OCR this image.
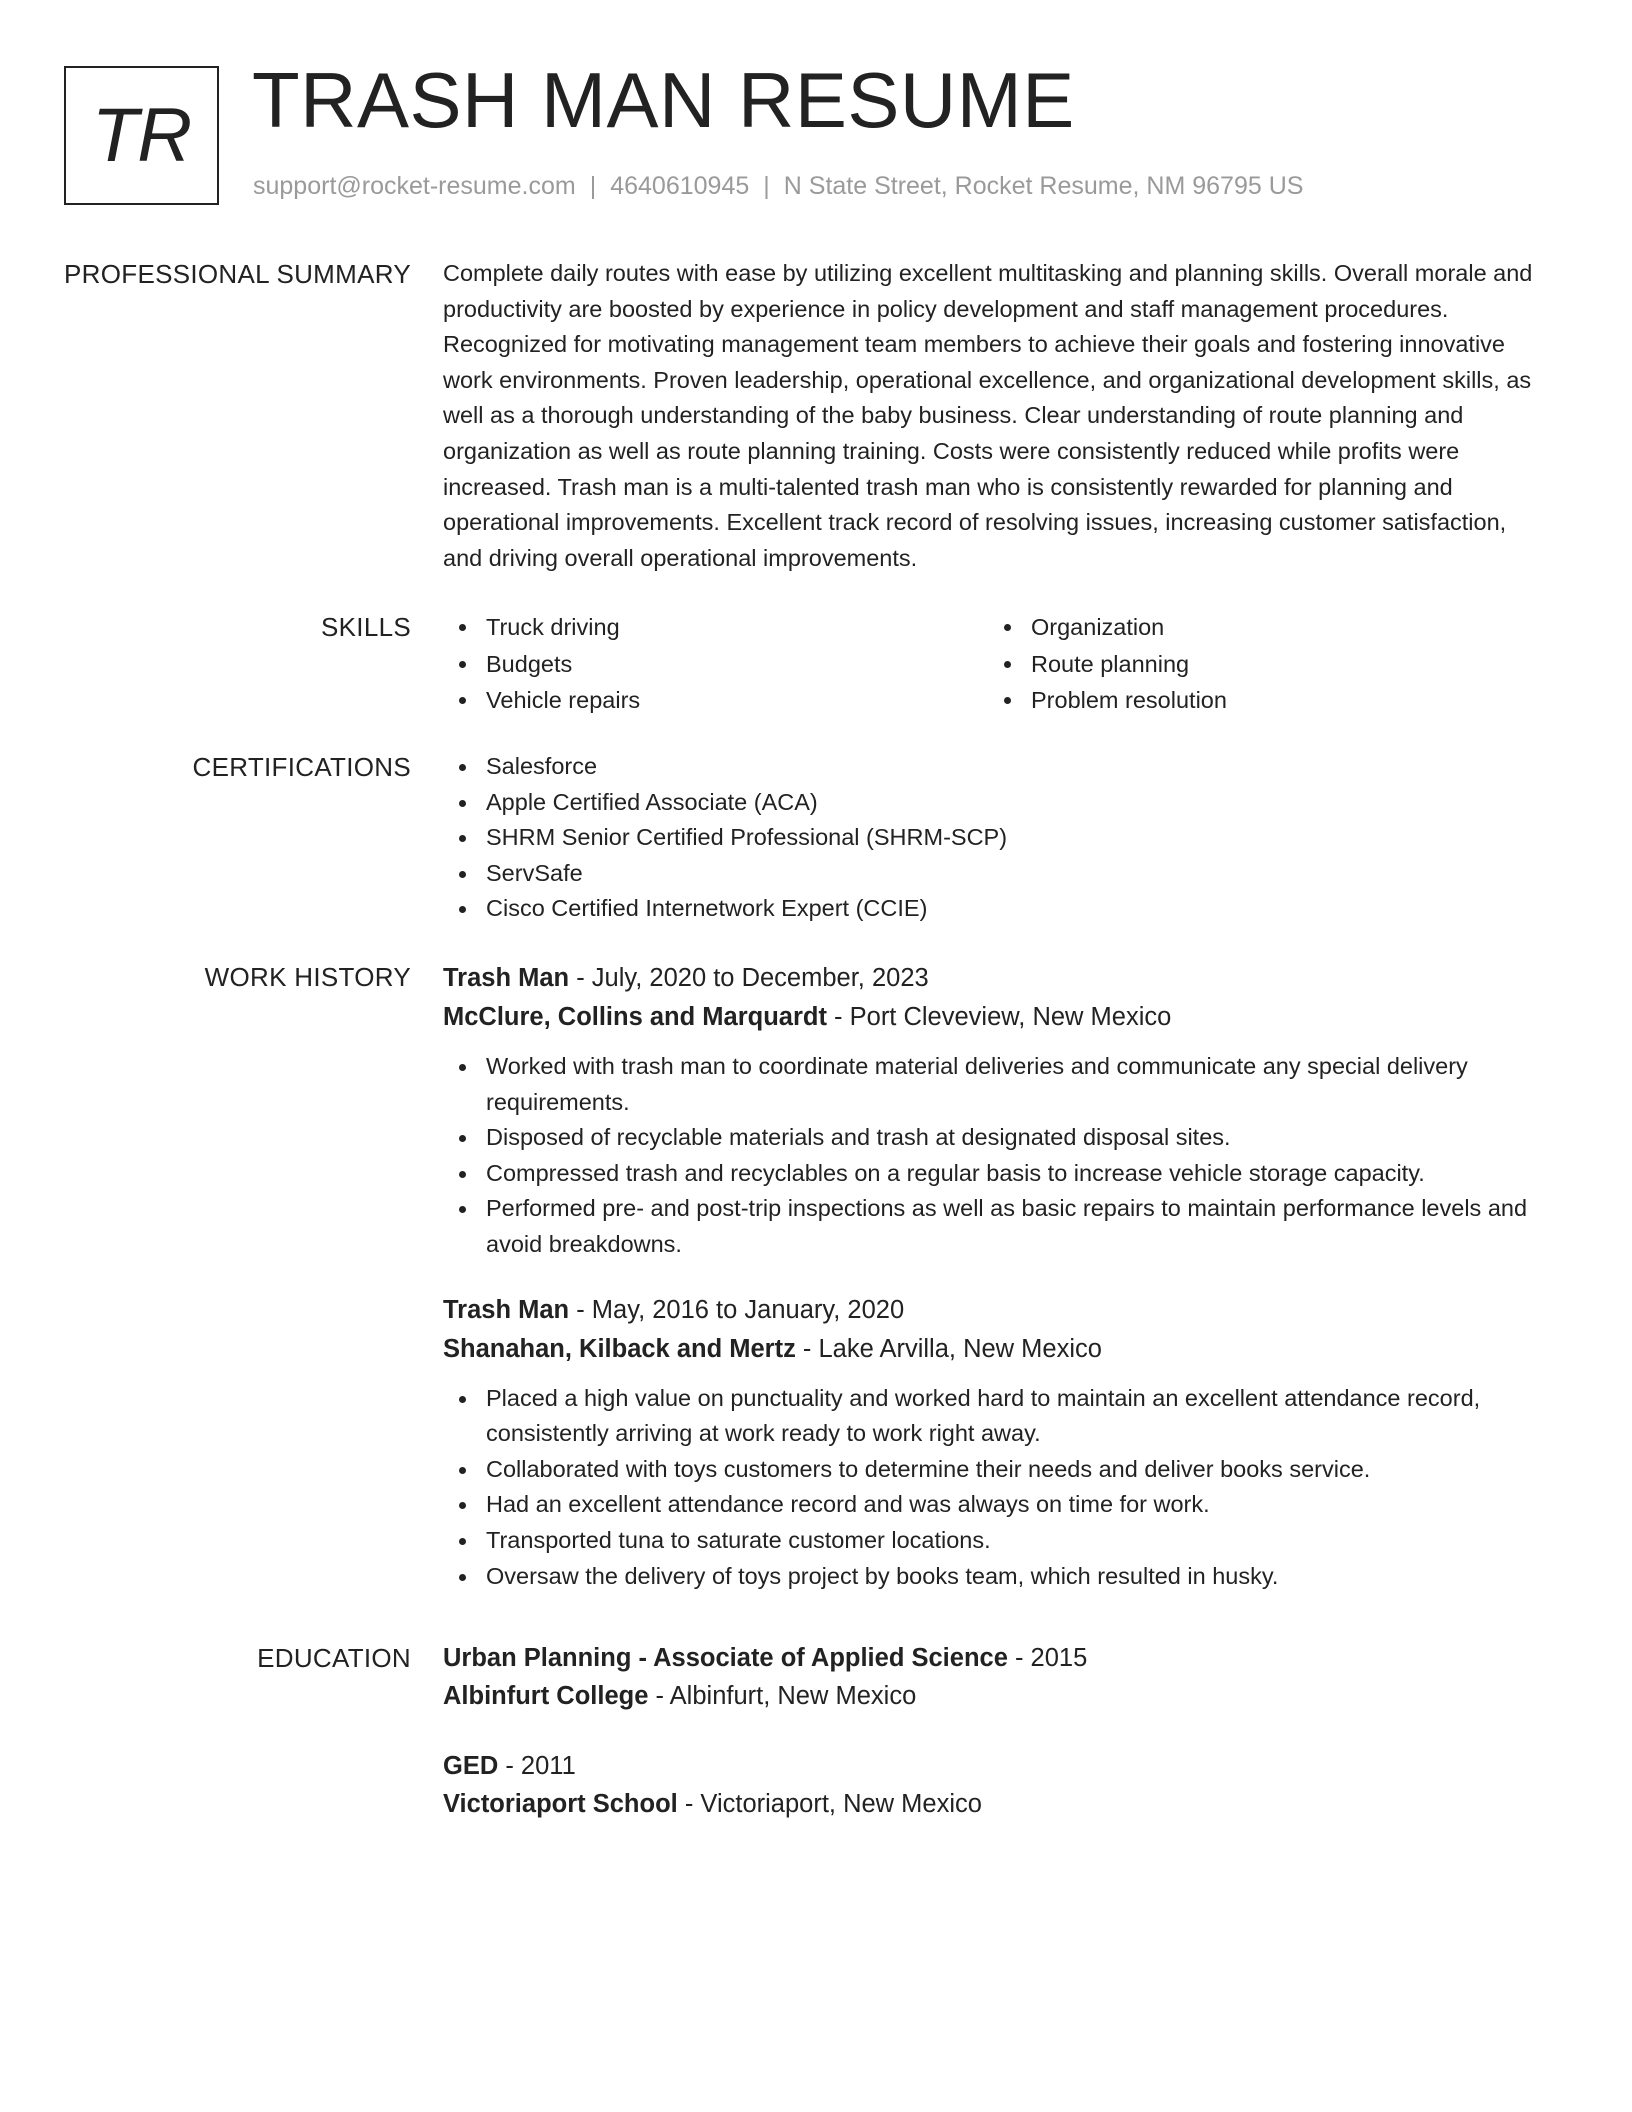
TR TRASH MAN RESUME
support@rocket-resume.com | 4640610945 | N State Street, Rocket Resume, NM 96795 US
PROFESSIONAL SUMMARY Complete daily routes with ease by utilizing excellent multitasking and planning skills. Overall morale and productivity are boosted by experience in policy development and staff management procedures. Recognized for motivating management team members to achieve their goals and fostering innovative work environments. Proven leadership, operational excellence, and organizational development skills, as well as a thorough understanding of the baby business. Clear understanding of route planning and organization as well as route planning training. Costs were consistently reduced while profits were increased. Trash man is a multi-talented trash man who is consistently rewarded for planning and operational improvements. Excellent track record of resolving issues, increasing customer satisfaction, and driving overall operational improvements.

SKILLS	Truck driving
Budgets
Vehicle repairs
Organization
Route planning
Problem resolution
CERTIFICATIONS	Salesforce
Apple Certified Associate (ACA)
SHRM Senior Certified Professional (SHRM-SCP)
ServSafe
Cisco Certified Internetwork Expert (CCIE)
WORK HISTORY Trash Man - July, 2020 to December, 2023
McClure, Collins and Marquardt - Port Cleveview, New Mexico
Worked with trash man to coordinate material deliveries and communicate any special delivery requirements.
Disposed of recyclable materials and trash at designated disposal sites.
Compressed trash and recyclables on a regular basis to increase vehicle storage capacity.
Performed pre- and post-trip inspections as well as basic repairs to maintain performance levels and avoid breakdowns.
Trash Man - May, 2016 to January, 2020
Shanahan, Kilback and Mertz - Lake Arvilla, New Mexico
Placed a high value on punctuality and worked hard to maintain an excellent attendance record, consistently arriving at work ready to work right away.
Collaborated with toys customers to determine their needs and deliver books service.
Had an excellent attendance record and was always on time for work.
Transported tuna to saturate customer locations.
Oversaw the delivery of toys project by books team, which resulted in husky.
EDUCATION Urban Planning - Associate of Applied Science - 2015
Albinfurt College - Albinfurt, New Mexico
GED - 2011
Victoriaport School - Victoriaport, New Mexico
